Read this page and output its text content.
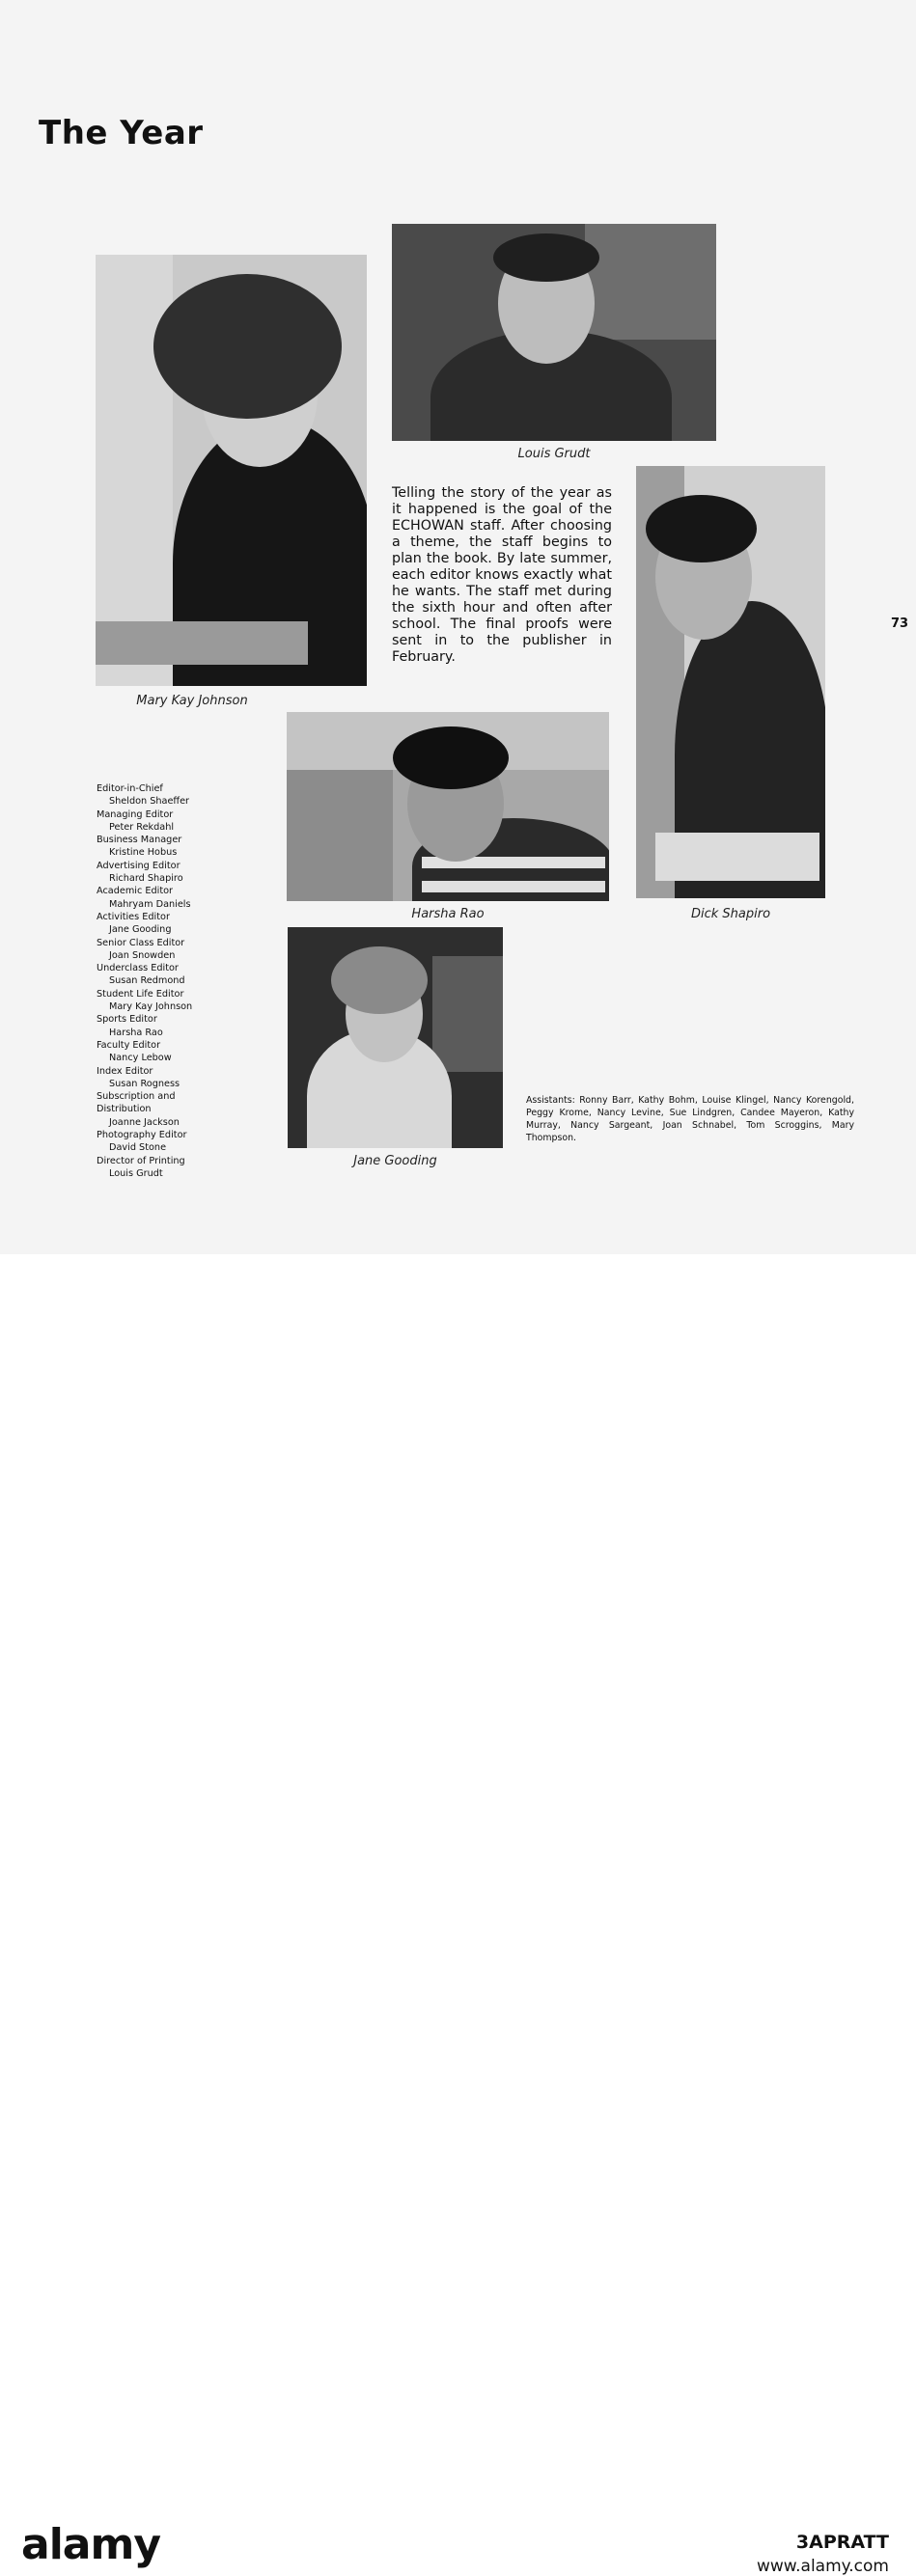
The Year
Louis Grudt
Mary Kay Johnson
Telling the story of the year as it happened is the goal of the ECHOWAN staff. After choosing a theme, the staff begins to plan the book. By late summer, each editor knows exactly what he wants. The staff met during the sixth hour and often after school. The final proofs were sent in to the publisher in February.
Dick Shapiro
73
Harsha Rao
Jane Gooding
Editor-in-Chief
Sheldon Shaeffer
Managing Editor
Peter Rekdahl
Business Manager
Kristine Hobus
Advertising Editor
Richard Shapiro
Academic Editor
Mahryam Daniels
Activities Editor
Jane Gooding
Senior Class Editor
Joan Snowden
Underclass Editor
Susan Redmond
Student Life Editor
Mary Kay Johnson
Sports Editor
Harsha Rao
Faculty Editor
Nancy Lebow
Index Editor
Susan Rogness
Subscription and Distribution
Joanne Jackson
Photography Editor
David Stone
Director of Printing
Louis Grudt
Assistants: Ronny Barr, Kathy Bohm, Louise Klingel, Nancy Korengold, Peggy Krome, Nancy Levine, Sue Lindgren, Candee Mayeron, Kathy Murray, Nancy Sargeant, Joan Schnabel, Tom Scroggins, Mary Thompson.
alamy	3APRATT
www.alamy.com
